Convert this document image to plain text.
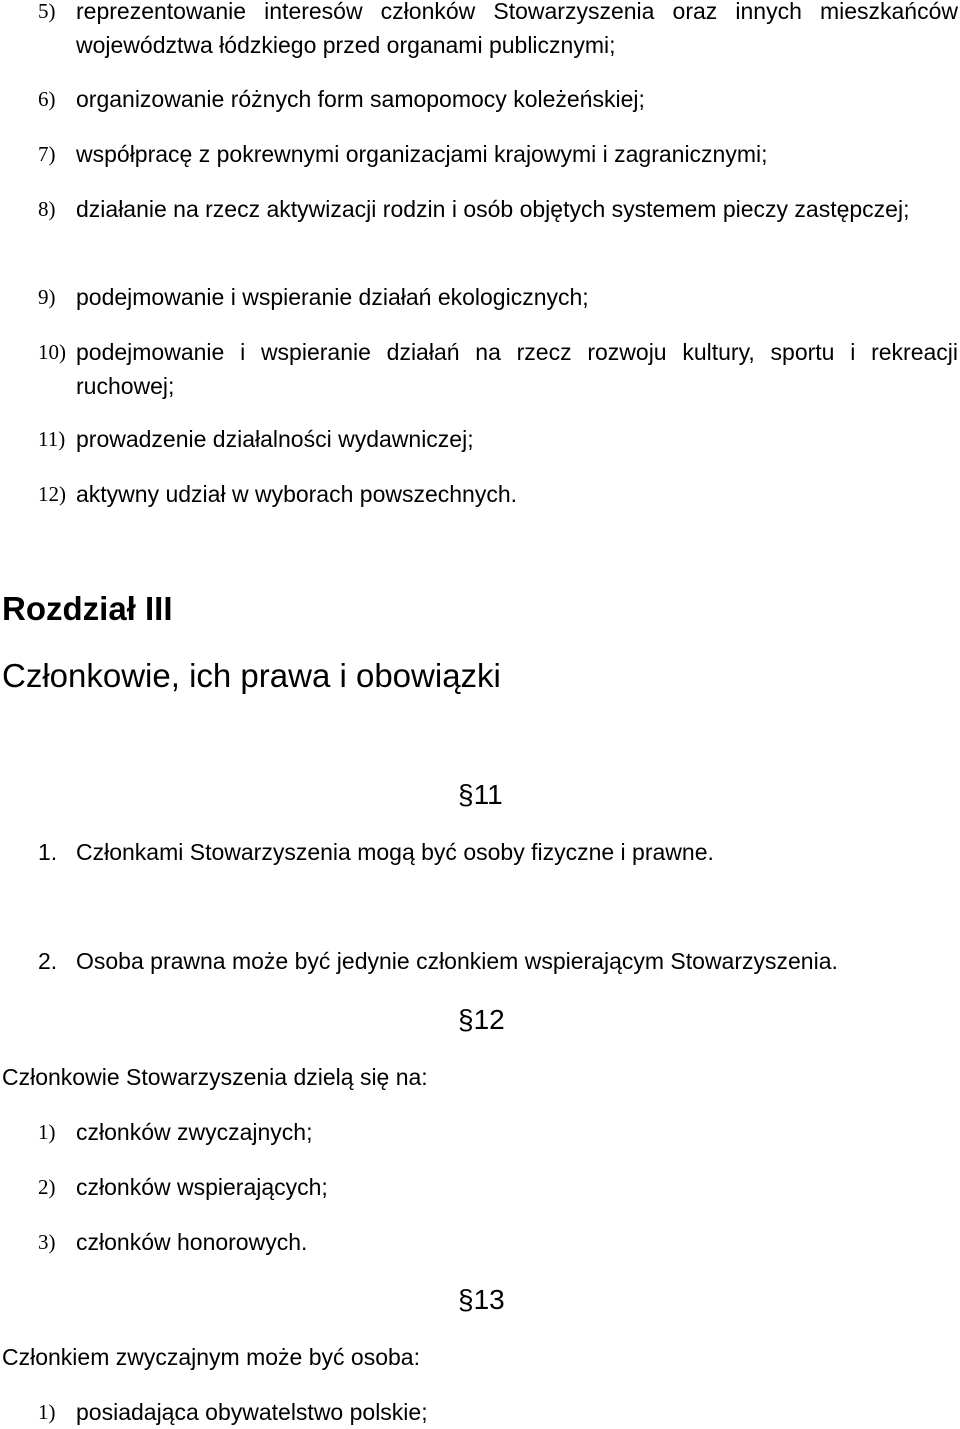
5) reprezentowanie interesów członków Stowarzyszenia oraz innych mieszkańców województwa łódzkiego przed organami publicznymi;
6) organizowanie różnych form samopomocy koleżeńskiej;
7) współpracę z pokrewnymi organizacjami krajowymi i zagranicznymi;
8) działanie na rzecz aktywizacji rodzin i osób objętych systemem pieczy zastępczej;
9) podejmowanie i wspieranie działań ekologicznych;
10) podejmowanie i wspieranie działań na rzecz rozwoju kultury, sportu i rekreacji ruchowej;
11) prowadzenie działalności wydawniczej;
12) aktywny udział w wyborach powszechnych.
Rozdział III
Członkowie, ich prawa i obowiązki
§11
1. Członkami Stowarzyszenia mogą być osoby fizyczne i prawne.
2. Osoba prawna może być jedynie członkiem wspierającym Stowarzyszenia.
§12
Członkowie Stowarzyszenia dzielą się na:
1) członków zwyczajnych;
2) członków wspierających;
3) członków honorowych.
§13
Członkiem zwyczajnym może być osoba:
1) posiadająca obywatelstwo polskie;
